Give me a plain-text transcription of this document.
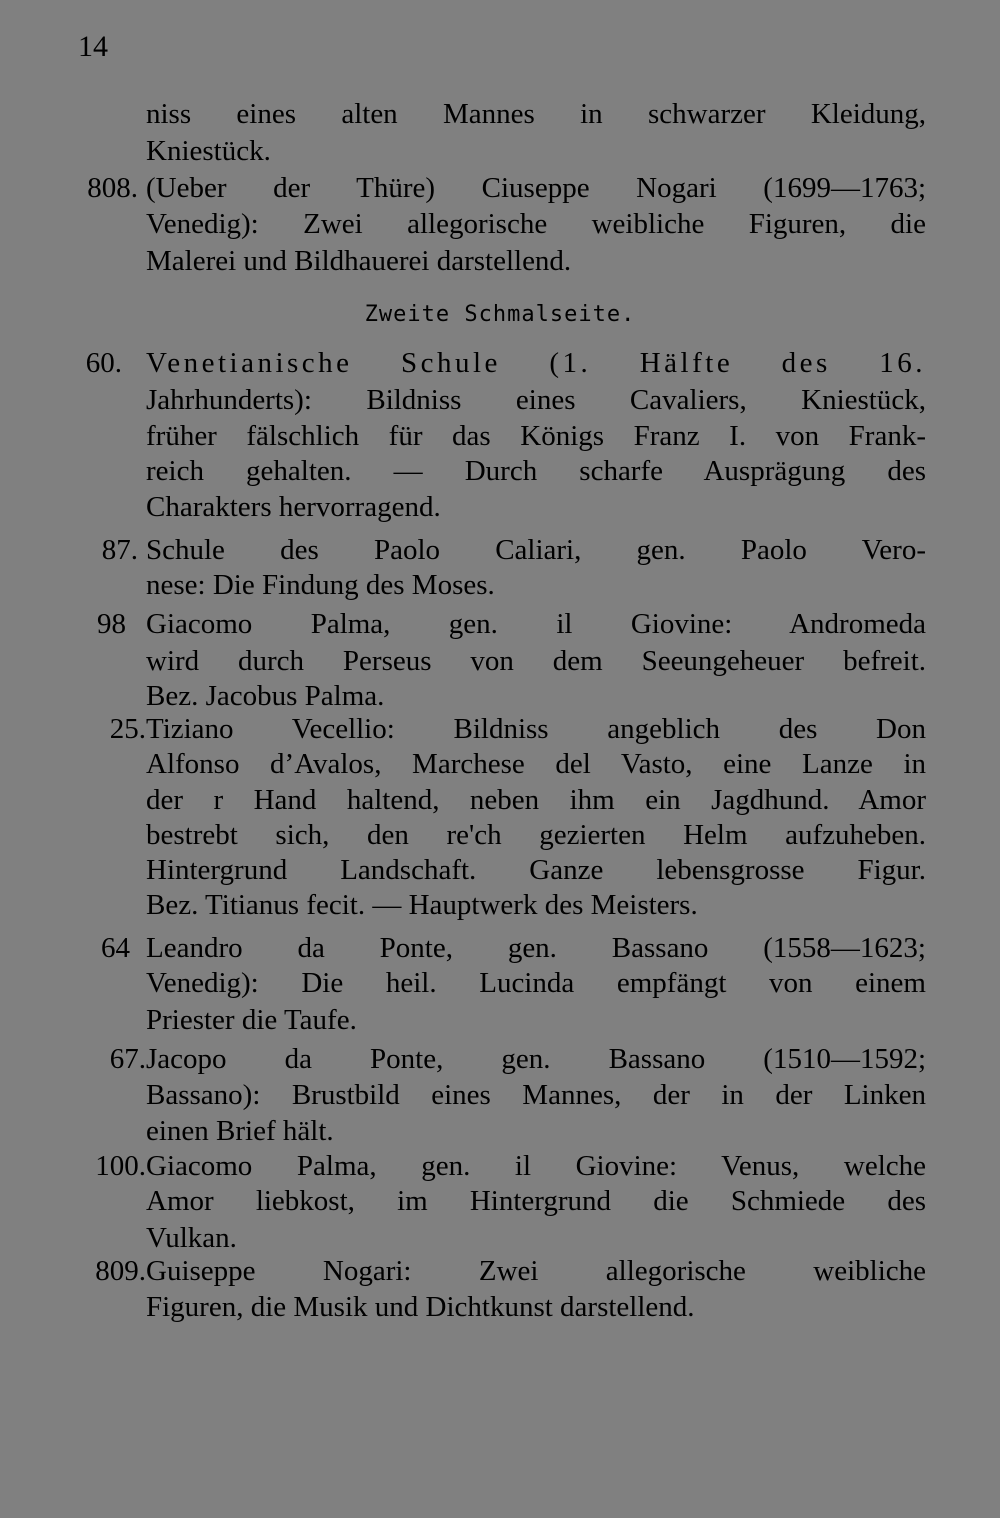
14
niss eines alten Mannes in schwarzer Kleidung,
Kniestück.
808. (Ueber der Thüre) Ciuseppe Nogari (1699—1763;
Venedig): Zwei allegorische weibliche Figuren, die
Malerei und Bildhauerei darstellend.
Zweite Schmalseite.
60. Venetianische Schule (1. Hälfte des 16.
Jahrhunderts): Bildniss eines Cavaliers, Kniestück,
früher fälschlich für das Königs Franz I. von Frank-
reich gehalten. — Durch scharfe Ausprägung des
Charakters hervorragend.
87. Schule des Paolo Caliari, gen. Paolo Vero-
nese: Die Findung des Moses.
98 Giacomo Palma, gen. il Giovine: Andromeda
wird durch Perseus von dem Seeungeheuer befreit.
Bez. Jacobus Palma.
25. Tiziano Vecellio: Bildniss angeblich des Don
Alfonso d’Avalos, Marchese del Vasto, eine Lanze in
der r Hand haltend, neben ihm ein Jagdhund. Amor
bestrebt sich, den re'ch gezierten Helm aufzuheben.
Hintergrund Landschaft. Ganze lebensgrosse Figur.
Bez. Titianus fecit. — Hauptwerk des Meisters.
64 Leandro da Ponte, gen. Bassano (1558—1623;
Venedig): Die heil. Lucinda empfängt von einem
Priester die Taufe.
67. Jacopo da Ponte, gen. Bassano (1510—1592;
Bassano): Brustbild eines Mannes, der in der Linken
einen Brief hält.
100. Giacomo Palma, gen. il Giovine: Venus, welche
Amor liebkost, im Hintergrund die Schmiede des
Vulkan.
809. Guiseppe Nogari: Zwei allegorische weibliche
Figuren, die Musik und Dichtkunst darstellend.
